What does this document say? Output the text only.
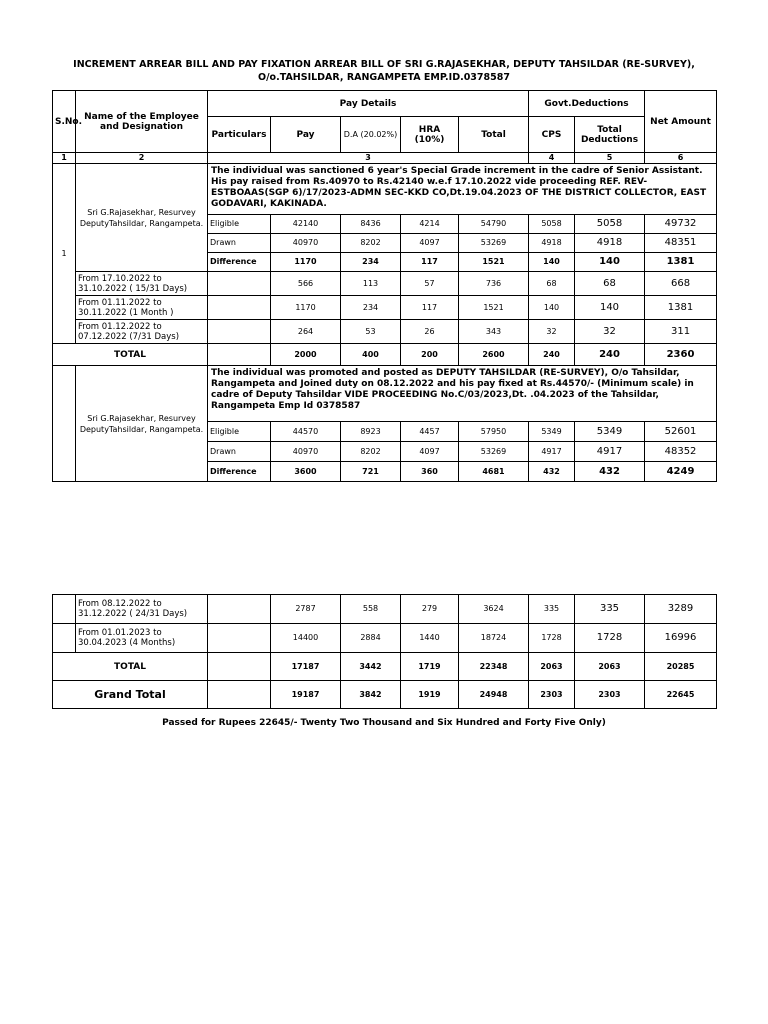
INCREMENT ARREAR BILL AND PAY FIXATION ARREAR BILL OF SRI G.RAJASEKHAR, DEPUTY TAHSILDAR (RE-SURVEY),
O/o.TAHSILDAR, RANGAMPETA EMP.ID.0378587
S.No.	Name of the Employee and Designation	Pay Details					Govt.Deductions		Net Amount
		Particulars	Pay	D.A (20.02%)	HRA (10%)	Total	CPS	Total Deductions	
1	2	3					4	5	6
1	Sri G.Rajasekhar, Resurvey DeputyTahsildar, Rangampeta.	The individual was sanctioned 6 year's Special Grade increment in the cadre of Senior Assistant. His pay raised from Rs.40970 to Rs.42140 w.e.f 17.10.2022 vide proceeding REF. REV-ESTBOAAS(SGP 6)/17/2023-ADMN SEC-KKD CO,Dt.19.04.2023 OF THE DISTRICT COLLECTOR, EAST GODAVARI, KAKINADA.							
		Eligible	42140	8436	4214	54790	5058	5058	49732
		Drawn	40970	8202	4097	53269	4918	4918	48351
		Difference	1170	234	117	1521	140	140	1381
	From 17.10.2022 to 31.10.2022 ( 15/31 Days)		566	113	57	736	68	68	668
	From 01.11.2022 to 30.11.2022 (1 Month )		1170	234	117	1521	140	140	1381
	From 01.12.2022 to 07.12.2022 (7/31 Days)		264	53	26	343	32	32	311
TOTAL			2000	400	200	2600	240	240	2360
	Sri G.Rajasekhar, Resurvey DeputyTahsildar, Rangampeta.	The individual was promoted and posted as DEPUTY TAHSILDAR (RE-SURVEY), O/o Tahsildar, Rangampeta and Joined duty on 08.12.2022 and his pay fixed at Rs.44570/- (Minimum scale) in cadre of Deputy Tahsildar VIDE PROCEEDING No.C/03/2023,Dt. .04.2023 of the Tahsildar, Rangampeta Emp Id 0378587							
		Eligible	44570	8923	4457	57950	5349	5349	52601
		Drawn	40970	8202	4097	53269	4917	4917	48352
		Difference	3600	721	360	4681	432	432	4249
	From 08.12.2022 to 31.12.2022 ( 24/31 Days)		2787	558	279	3624	335	335	3289
	From 01.01.2023 to 30.04.2023 (4 Months)		14400	2884	1440	18724	1728	1728	16996
TOTAL			17187	3442	1719	22348	2063	2063	20285
Grand Total			19187	3842	1919	24948	2303	2303	22645
Passed for Rupees 22645/- Twenty Two Thousand and Six Hundred and Forty Five Only)
